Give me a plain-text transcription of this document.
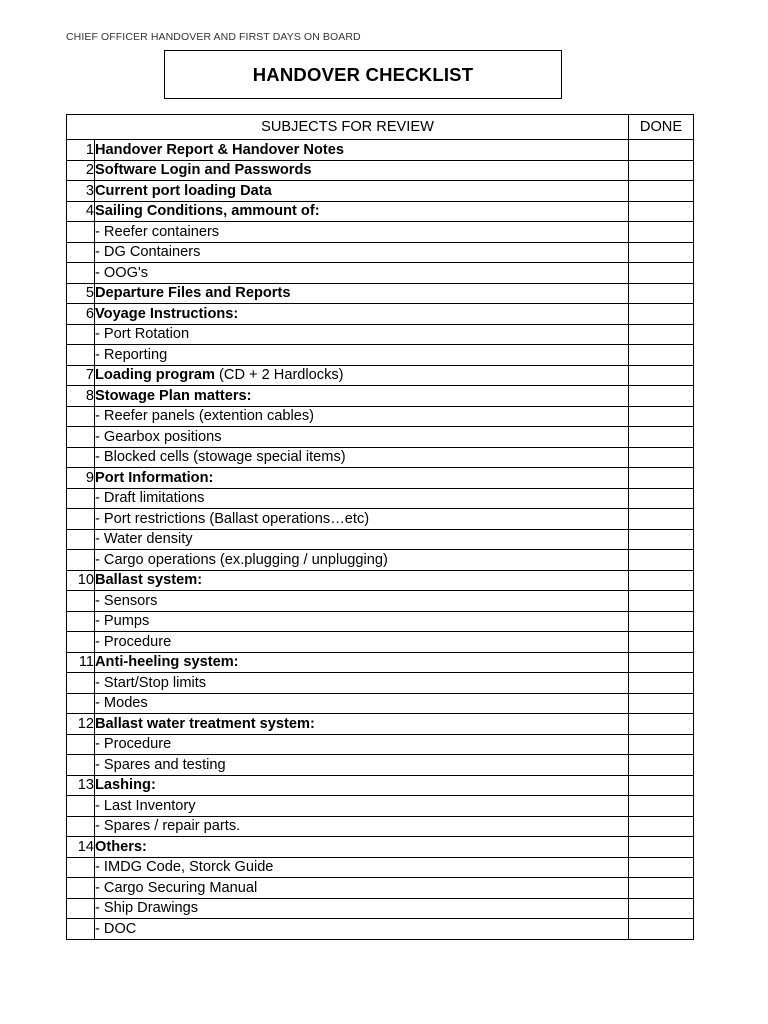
CHIEF OFFICER HANDOVER AND FIRST DAYS ON BOARD
HANDOVER CHECKLIST
SUBJECTS FOR REVIEW		DONE
1	Handover Report & Handover Notes	
2	Software Login and Passwords	
3	Current port loading Data	
4	Sailing Conditions, ammount of:	
	- Reefer containers	
	- DG Containers	
	- OOG's	
5	Departure Files and Reports	
6	Voyage Instructions:	
	- Port Rotation	
	- Reporting	
7	Loading program (CD + 2 Hardlocks)	
8	Stowage Plan matters:	
	- Reefer panels (extention cables)	
	- Gearbox positions	
	- Blocked cells (stowage special items)	
9	Port Information:	
	- Draft limitations	
	- Port restrictions (Ballast operations…etc)	
	- Water density	
	- Cargo operations (ex.plugging / unplugging)	
10	Ballast system:	
	- Sensors	
	- Pumps	
	- Procedure	
11	Anti-heeling system:	
	- Start/Stop limits	
	- Modes	
12	Ballast water treatment system:	
	- Procedure	
	- Spares and testing	
13	Lashing:	
	- Last Inventory	
	- Spares / repair parts.	
14	Others:	
	- IMDG Code, Storck Guide	
	- Cargo Securing Manual	
	- Ship Drawings	
	- DOC	
